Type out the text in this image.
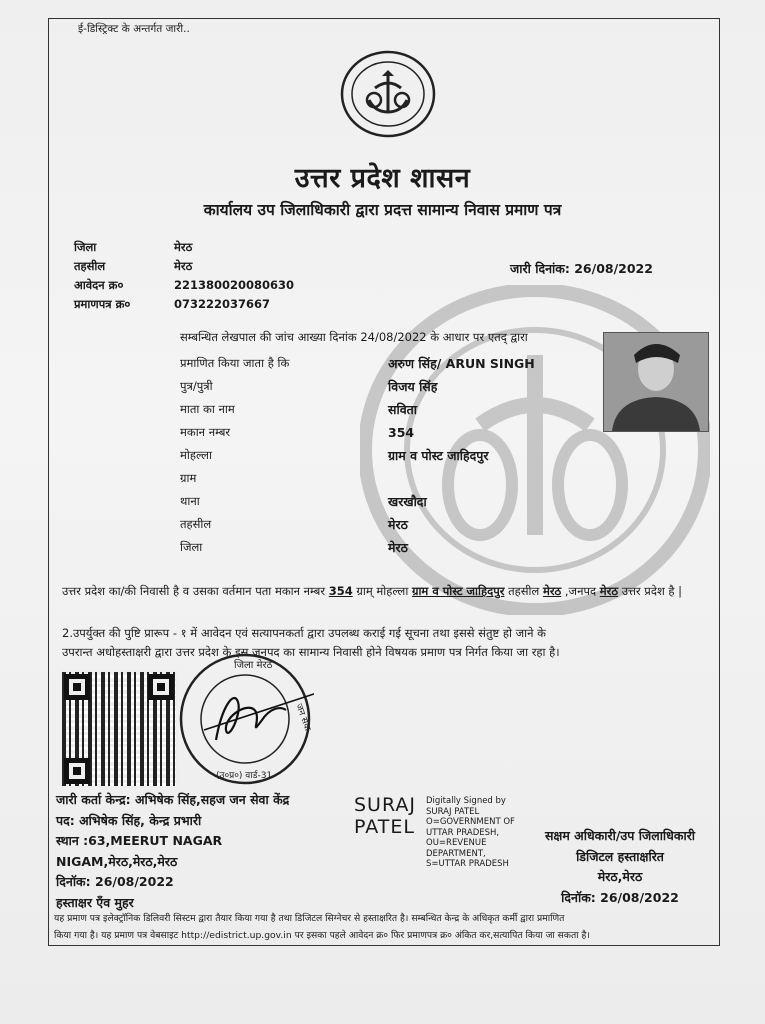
ई-डिस्ट्रिक्ट के अन्तर्गत जारी..
उत्तर प्रदेश शासन
कार्यालय उप जिलाधिकारी द्वारा प्रदत्त सामान्य निवास प्रमाण पत्र
जिला
तहसील
आवेदन क्र०
प्रमाणपत्र क्र०
मेरठ
मेरठ
221380020080630
073222037667
जारी दिनांक: 26/08/2022
सम्बन्धित लेखपाल की जांच आख्या दिनांक 24/08/2022 के आधार पर एतद् द्वारा
प्रमाणित किया जाता है कि
पुत्र/पुत्री
माता का नाम
मकान नम्बर
मोहल्ला
ग्राम
थाना
तहसील
जिला
अरुण सिंह/ ARUN SINGH
विजय सिंह
सविता
354
ग्राम व पोस्ट जाहिदपुर
खरखौदा
मेरठ
मेरठ
उत्तर प्रदेश का/की निवासी है व उसका वर्तमान पता मकान नम्बर 354 ग्राम् मोहल्ला ग्राम व पोस्ट जाहिदपुर तहसील मेरठ ,जनपद मेरठ उत्तर प्रदेश है |
2.उपर्युक्त की पुष्टि प्रारूप - १ में आवेदन एवं सत्यापनकर्ता द्वारा उपलब्ध कराई गई सूचना तथा इससे संतुष्ट हो जाने के
उपरान्त अधोहस्ताक्षरी द्वारा उत्तर प्रदेश के इस जनपद का सामान्य निवासी होने विषयक प्रमाण पत्र निर्गत किया जा रहा है।
जिला मेरठ
जन सेवा
(उ०प्र०) वार्ड-31
जारी कर्ता केन्द्र: अभिषेक सिंह,सहज जन सेवा केंद्र
पद: अभिषेक सिंह, केन्द्र प्रभारी
स्थान :63,MEERUT NAGAR
NIGAM,मेरठ,मेरठ,मेरठ
दिनॉक: 26/08/2022
हस्ताक्षर एँव मुहर
SURAJ
PATEL
Digitally Signed by
SURAJ PATEL
O=GOVERNMENT OF
UTTAR PRADESH,
OU=REVENUE
DEPARTMENT,
S=UTTAR PRADESH
सक्षम अधिकारी/उप जिलाधिकारी
डिजिटल हस्ताक्षरित
मेरठ,मेरठ
दिनॉक: 26/08/2022
यह प्रमाण पत्र इलेक्ट्रॉनिक डिलिवरी सिस्टम द्वारा तैयार किया गया है तथा डिजिटल सिग्नेचर से हस्ताक्षरित है। सम्बन्धित केन्द्र के अधिकृत कर्मी द्वारा प्रमाणित
किया गया है। यह प्रमाण पत्र वेबसाइट http://edistrict.up.gov.in पर इसका पहले आवेदन क्र० फिर प्रमाणपत्र क्र० अंकित कर,सत्यापित किया जा सकता है।
